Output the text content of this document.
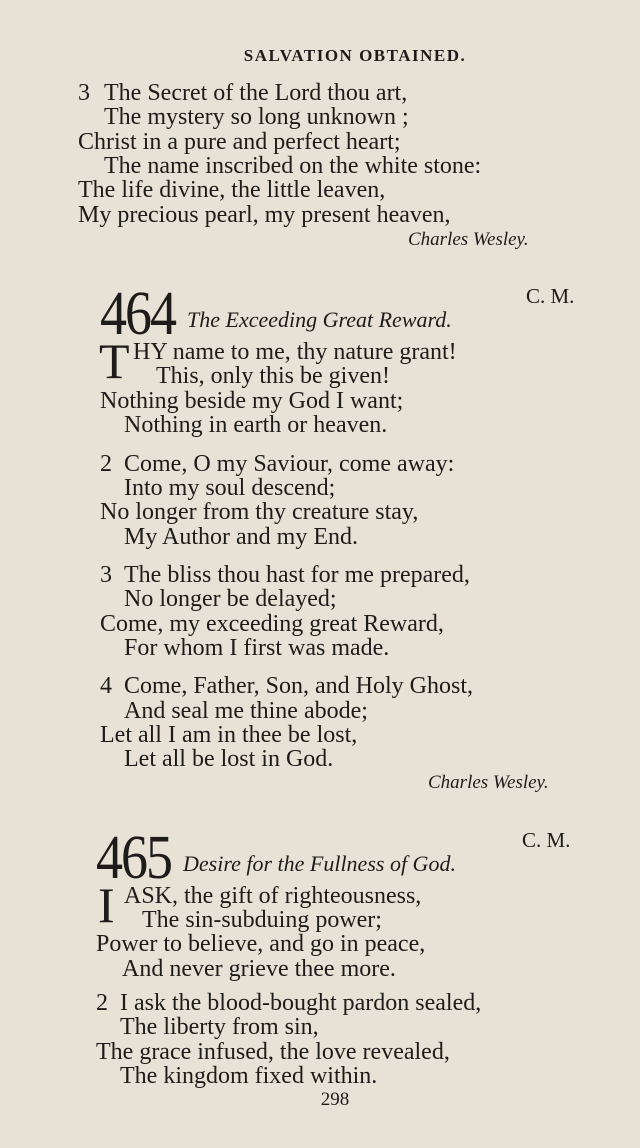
SALVATION OBTAINED.
3 The Secret of the Lord thou art,
The mystery so long unknown ;
Christ in a pure and perfect heart;
The name inscribed on the white stone:
The life divine, the little leaven,
My precious pearl, my present heaven,
Charles Wesley.
464	C. M.
The Exceeding Great Reward.
T HY name to me, thy nature grant!
This, only this be given!
Nothing beside my God I want;
Nothing in earth or heaven.
2 Come, O my Saviour, come away:
Into my soul descend;
No longer from thy creature stay,
My Author and my End.
3 The bliss thou hast for me prepared,
No longer be delayed;
Come, my exceeding great Reward,
For whom I first was made.
4 Come, Father, Son, and Holy Ghost,
And seal me thine abode;
Let all I am in thee be lost,
Let all be lost in God.
Charles Wesley.
465	C. M.
Desire for the Fullness of God.
I ASK, the gift of righteousness,
The sin-subduing power;
Power to believe, and go in peace,
And never grieve thee more.
2 I ask the blood-bought pardon sealed,
The liberty from sin,
The grace infused, the love revealed,
The kingdom fixed within.
298
